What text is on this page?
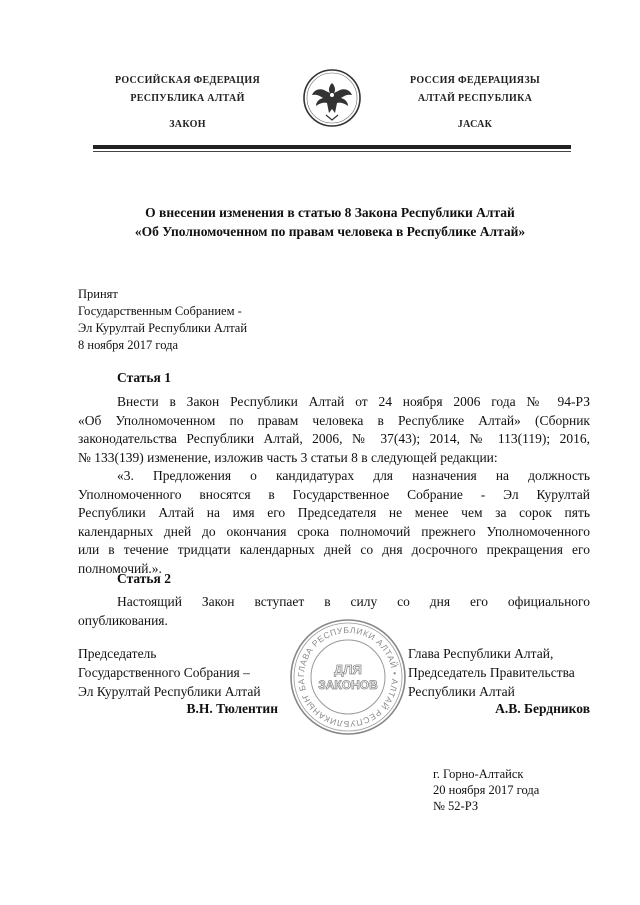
РОССИЙСКАЯ ФЕДЕРАЦИЯ
РЕСПУБЛИКА АЛТАЙ
ЗАКОН
РОССИЯ ФЕДЕРАЦИЯЗЫ
АЛТАЙ РЕСПУБЛИКА
ЈАСАК
О внесении изменения в статью 8 Закона Республики Алтай
«Об Уполномоченном по правам человека в Республике Алтай»
Принят
Государственным Собранием -
Эл Курултай Республики Алтай
8 ноября 2017 года
Статья 1
Внести в Закон Республики Алтай от 24 ноября 2006 года № 94-РЗ
«Об Уполномоченном по правам человека в Республике Алтай» (Сборник
законодательства Республики Алтай, 2006, № 37(43); 2014, № 113(119); 2016,
№ 133(139) изменение, изложив часть 3 статьи 8 в следующей редакции:
«3. Предложения о кандидатурах для назначения на должность
Уполномоченного вносятся в Государственное Собрание - Эл Курултай
Республики Алтай на имя его Председателя не менее чем за сорок пять
календарных дней до окончания срока полномочий прежнего Уполномоченного
или в течение тридцати календарных дней со дня досрочного прекращения его
полномочий.».
Статья 2
Настоящий Закон вступает в силу со дня его официального
опубликования.
Председатель
Государственного Собрания –
Эл Курултай Республики Алтай
В.Н. Тюлентин
ГЛАВА РЕСПУБЛИКИ АЛТАЙ • АЛТАЙ РЕСПУБЛИКАНЫҤ БА
ДЛЯ
ЗАКОНОВ
Глава Республики Алтай,
Председатель Правительства
Республики Алтай
А.В. Бердников
г. Горно-Алтайск
20 ноября 2017 года
№ 52-РЗ
